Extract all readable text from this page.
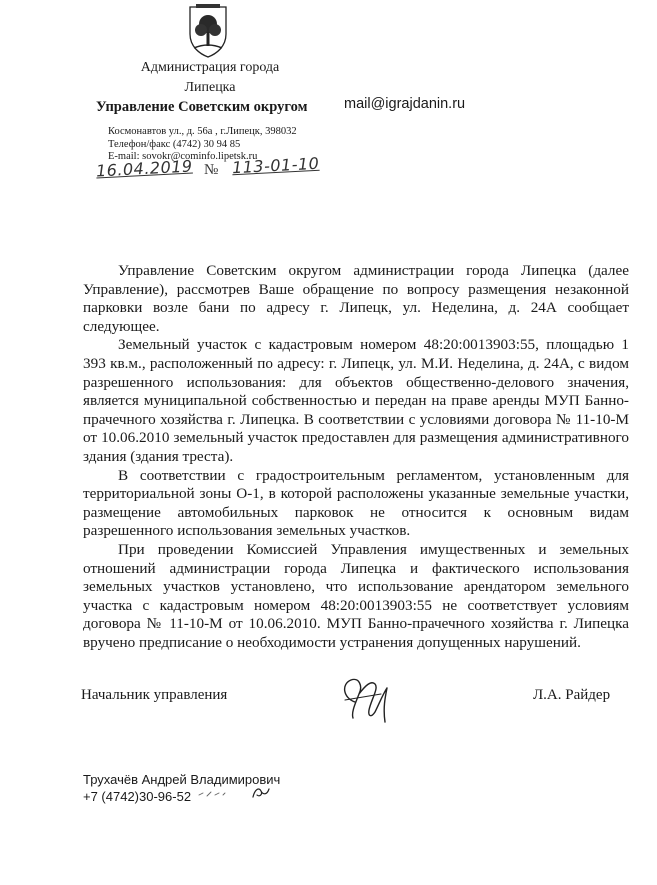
Администрация города
Липецка
Управление Советским округом	mail@igrajdanin.ru
Космонавтов ул., д. 56а , г.Липецк, 398032
Телефон/факс (4742) 30 94 85
E-mail: sovokr@cominfo.lipetsk.ru
16.04.2019 № 113-01-10

Управление Советским округом администрации города Липецка (далее Управление), рассмотрев Ваше обращение по вопросу размещения незаконной парковки возле бани по адресу г. Липецк, ул. Неделина, д. 24А сообщает следующее.

Земельный участок с кадастровым номером 48:20:0013903:55, площадью 1 393 кв.м., расположенный по адресу: г. Липецк, ул. М.И. Неделина, д. 24А, с видом разрешенного использования: для объектов общественно-делового значения, является муниципальной собственностью и передан на праве аренды МУП Банно-прачечного хозяйства г. Липецка. В соответствии с условиями договора № 11-10-М от 10.06.2010 земельный участок предоставлен для размещения административного здания (здания треста).

В соответствии с градостроительным регламентом, установленным для территориальной зоны О-1, в которой расположены указанные земельные участки, размещение автомобильных парковок не относится к основным видам разрешенного использования земельных участков.

При проведении Комиссией Управления имущественных и земельных отношений администрации города Липецка и фактического использования земельных участков установлено, что использование арендатором земельного участка с кадастровым номером 48:20:0013903:55 не соответствует условиям договора № 11-10-М от 10.06.2010. МУП Банно-прачечного хозяйства г. Липецка вручено предписание о необходимости устранения допущенных нарушений.

Начальник управления	Л.А. Райдер
Трухачёв Андрей Владимирович
+7 (4742)30-96-52
